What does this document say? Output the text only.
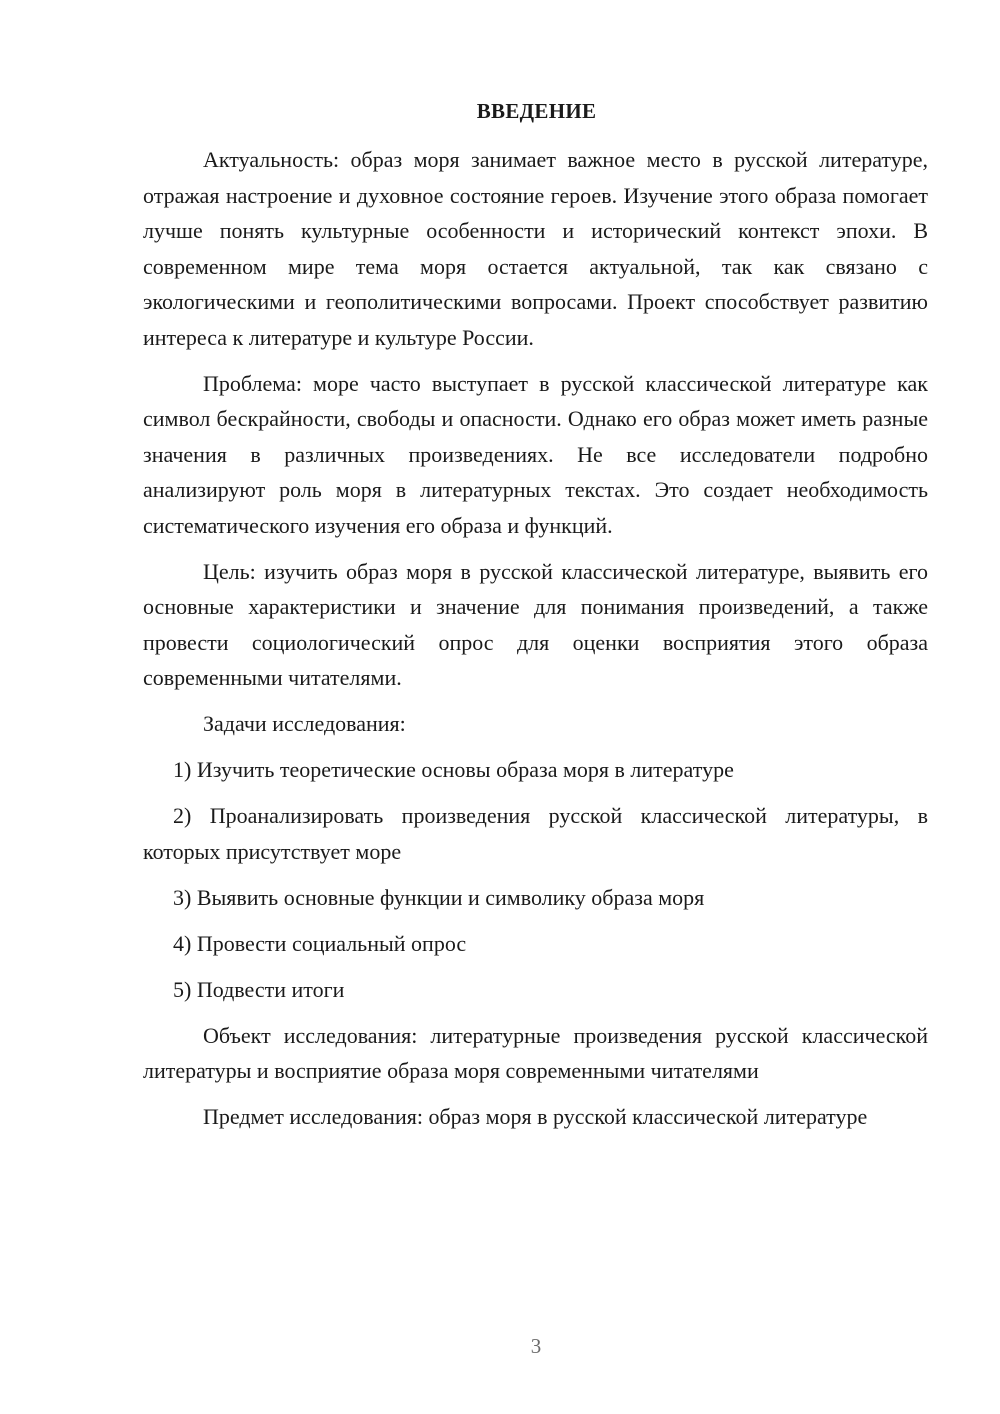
ВВЕДЕНИЕ

Актуальность: образ моря занимает важное место в русской литературе, отражая настроение и духовное состояние героев. Изучение этого образа помогает лучше понять культурные особенности и исторический контекст эпохи. В современном мире тема моря остается актуальной, так как связано с экологическими и геополитическими вопросами. Проект способствует развитию интереса к литературе и культуре России.

Проблема: море часто выступает в русской классической литературе как символ бескрайности, свободы и опасности. Однако его образ может иметь разные значения в различных произведениях. Не все исследователи подробно анализируют роль моря в литературных текстах. Это создает необходимость систематического изучения его образа и функций.

Цель: изучить образ моря в русской классической литературе, выявить его основные характеристики и значение для понимания произведений, а также провести социологический опрос для оценки восприятия этого образа современными читателями.

Задачи исследования:

1) Изучить теоретические основы образа моря в литературе

2) Проанализировать произведения русской классической литературы, в которых присутствует море

3) Выявить основные функции и символику образа моря

4) Провести социальный опрос

5) Подвести итоги

Объект исследования: литературные произведения русской классической литературы и восприятие образа моря современными читателями

Предмет исследования: образ моря в русской классической литературе

3
